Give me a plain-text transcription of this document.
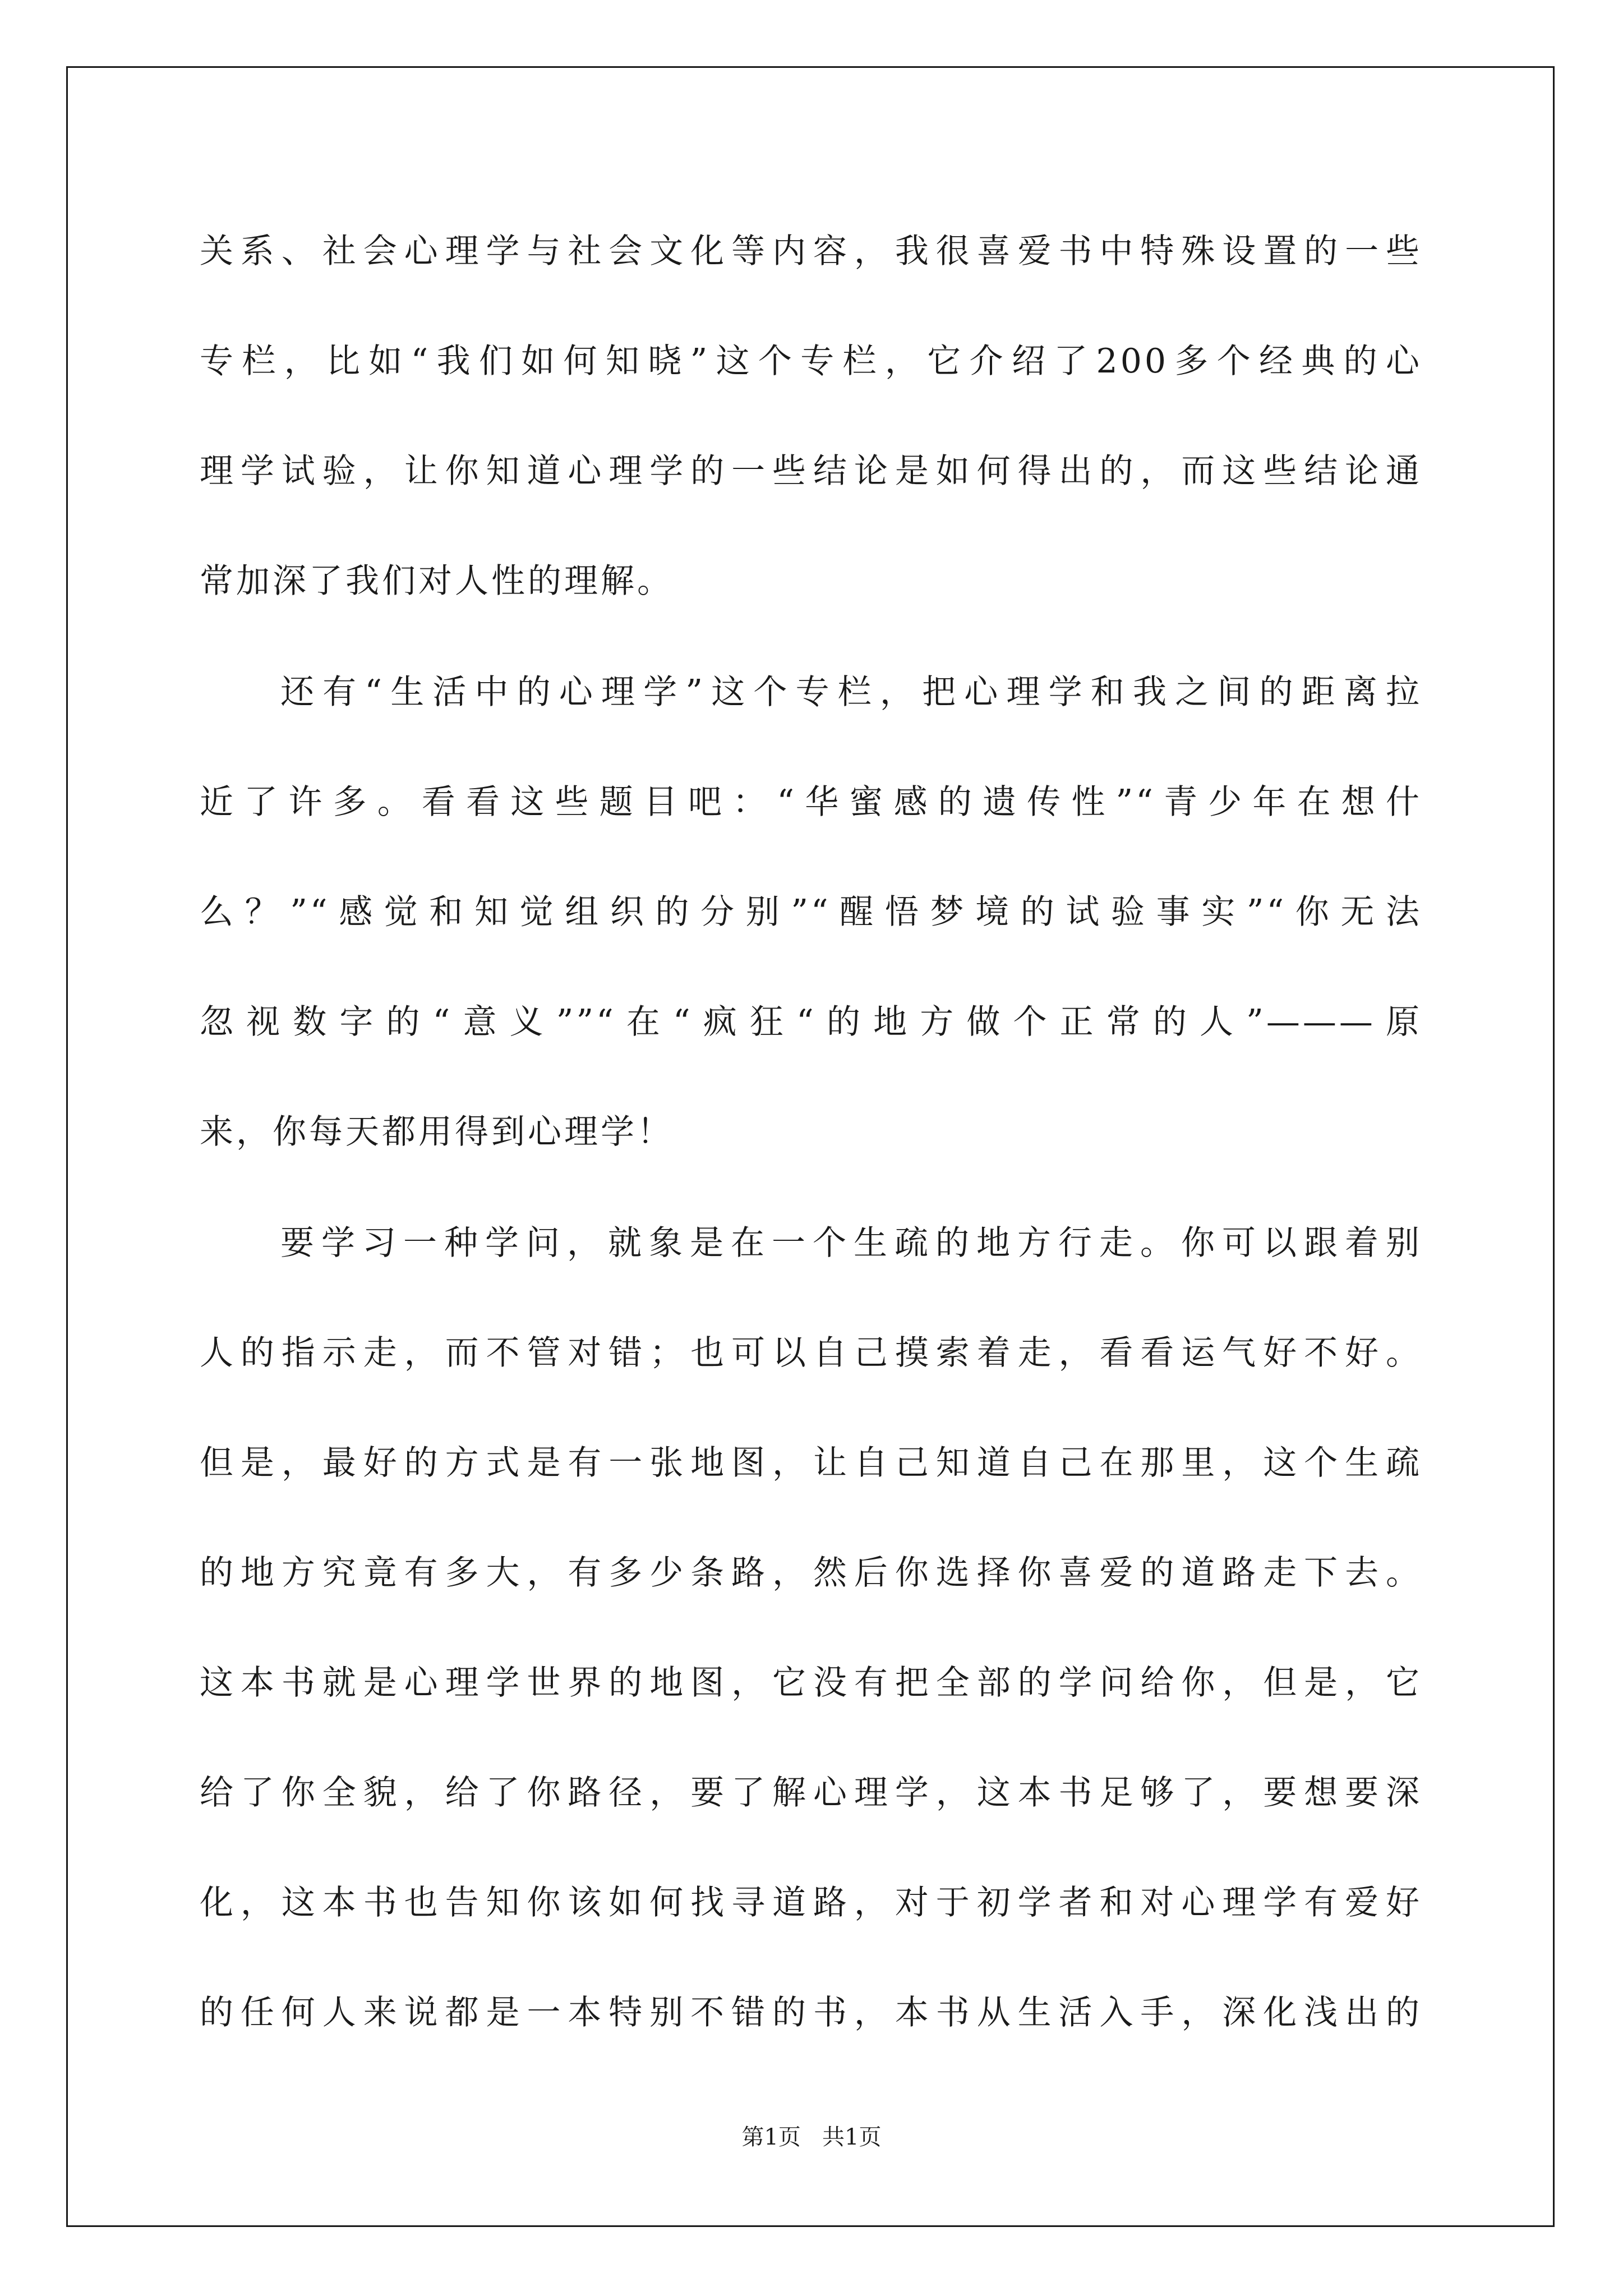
关系、社会心理学与社会文化等内容，我很喜爱书中特殊设置的一些
专栏，比如“我们如何知晓”这个专栏，它介绍了200多个经典的心
理学试验，让你知道心理学的一些结论是如何得出的，而这些结论通
常加深了我们对人性的理解。
还有“生活中的心理学”这个专栏，把心理学和我之间的距离拉
近了许多。看看这些题目吧：“华蜜感的遗传性”“青少年在想什
么？”“感觉和知觉组织的分别”“醒悟梦境的试验事实”“你无法
忽视数字的“意义””“在“疯狂“的地方做个正常的人”———原
来，你每天都用得到心理学！
要学习一种学问，就象是在一个生疏的地方行走。你可以跟着别
人的指示走，而不管对错；也可以自己摸索着走，看看运气好不好。
但是，最好的方式是有一张地图，让自己知道自己在那里，这个生疏
的地方究竟有多大，有多少条路，然后你选择你喜爱的道路走下去。
这本书就是心理学世界的地图，它没有把全部的学问给你，但是，它
给了你全貌，给了你路径，要了解心理学，这本书足够了，要想要深
化，这本书也告知你该如何找寻道路，对于初学者和对心理学有爱好
的任何人来说都是一本特别不错的书，本书从生活入手，深化浅出的
第1页   共1页
